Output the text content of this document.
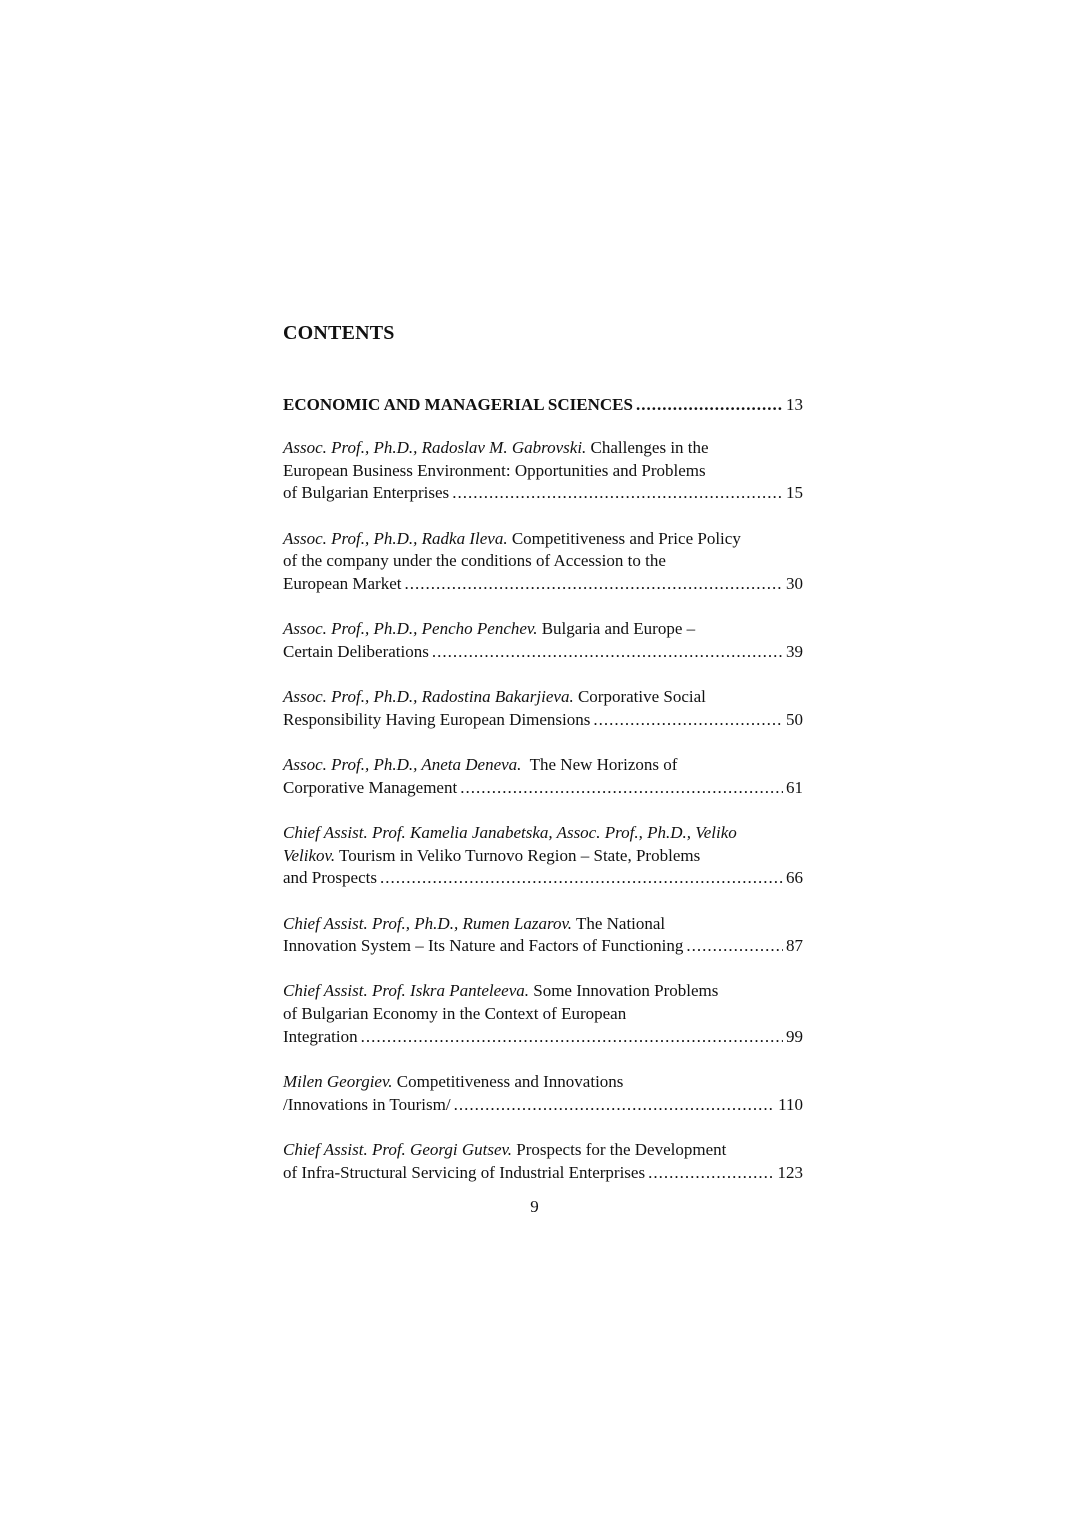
CONTENTS
ECONOMIC AND MANAGERIAL SCIENCES .....	13
Assoc. Prof., Ph.D., Radoslav M. Gabrovski. Challenges in the
European Business Environment: Opportunities and Problems
of Bulgarian Enterprises .....	15
Assoc. Prof., Ph.D., Radka Ileva. Competitiveness and Price Policy
of the company under the conditions of Accession to the
European Market .....	30
Assoc. Prof., Ph.D., Pencho Penchev. Bulgaria and Europe –
Certain Deliberations .....	39
Assoc. Prof., Ph.D., Radostina Bakarjieva. Corporative Social
Responsibility Having European Dimensions .....	50
Assoc. Prof., Ph.D., Aneta Deneva.  The New Horizons of
Corporative Management .....	61
Chief Assist. Prof. Kamelia Janabetska, Assoc. Prof., Ph.D., Veliko
Velikov. Tourism in Veliko Turnovo Region – State, Problems
and Prospects .....	66
Chief Assist. Prof., Ph.D., Rumen Lazarov. The National
Innovation System – Its Nature and Factors of Functioning .....	87
Chief Assist. Prof. Iskra Panteleeva. Some Innovation Problems
of Bulgarian Economy in the Context of European
Integration .....	99
Milen Georgiev. Competitiveness and Innovations
/Innovations in Tourism/ .....	110
Chief Assist. Prof. Georgi Gutsev. Prospects for the Development
of Infra-Structural Servicing of Industrial Enterprises .....	123
9
